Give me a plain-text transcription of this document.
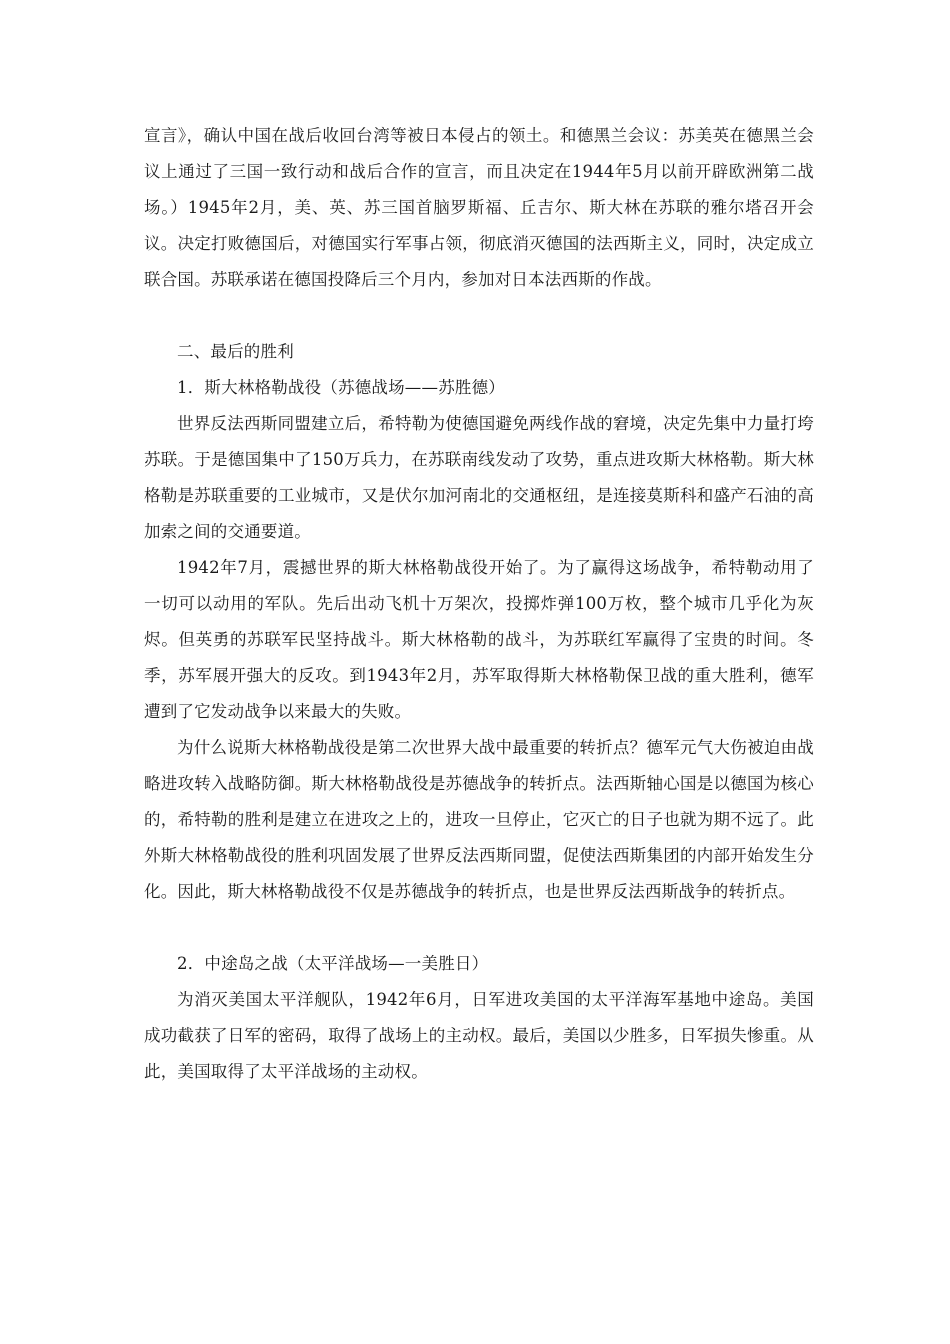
宣言》，确认中国在战后收回台湾等被日本侵占的领土。和德黑兰会议：苏美英在德黑兰会议上通过了三国一致行动和战后合作的宣言，而且决定在1944年5月以前开辟欧洲第二战场。）1945年2月，美、英、苏三国首脑罗斯福、丘吉尔、斯大林在苏联的雅尔塔召开会议。决定打败德国后，对德国实行军事占领，彻底消灭德国的法西斯主义，同时，决定成立联合国。苏联承诺在德国投降后三个月内，参加对日本法西斯的作战。

二、最后的胜利

1．斯大林格勒战役（苏德战场——苏胜德）

世界反法西斯同盟建立后，希特勒为使德国避免两线作战的窘境，决定先集中力量打垮苏联。于是德国集中了150万兵力，在苏联南线发动了攻势，重点进攻斯大林格勒。斯大林格勒是苏联重要的工业城市，又是伏尔加河南北的交通枢纽，是连接莫斯科和盛产石油的高加索之间的交通要道。

1942年7月，震撼世界的斯大林格勒战役开始了。为了赢得这场战争，希特勒动用了一切可以动用的军队。先后出动飞机十万架次，投掷炸弹100万枚，整个城市几乎化为灰烬。但英勇的苏联军民坚持战斗。斯大林格勒的战斗，为苏联红军赢得了宝贵的时间。冬季，苏军展开强大的反攻。到1943年2月，苏军取得斯大林格勒保卫战的重大胜利，德军遭到了它发动战争以来最大的失败。

为什么说斯大林格勒战役是第二次世界大战中最重要的转折点？德军元气大伤被迫由战略进攻转入战略防御。斯大林格勒战役是苏德战争的转折点。法西斯轴心国是以德国为核心的，希特勒的胜利是建立在进攻之上的，进攻一旦停止，它灭亡的日子也就为期不远了。此外斯大林格勒战役的胜利巩固发展了世界反法西斯同盟，促使法西斯集团的内部开始发生分化。因此，斯大林格勒战役不仅是苏德战争的转折点，也是世界反法西斯战争的转折点。

2．中途岛之战（太平洋战场—一美胜日）

为消灭美国太平洋舰队，1942年6月，日军进攻美国的太平洋海军基地中途岛。美国成功截获了日军的密码，取得了战场上的主动权。最后，美国以少胜多，日军损失惨重。从此，美国取得了太平洋战场的主动权。
